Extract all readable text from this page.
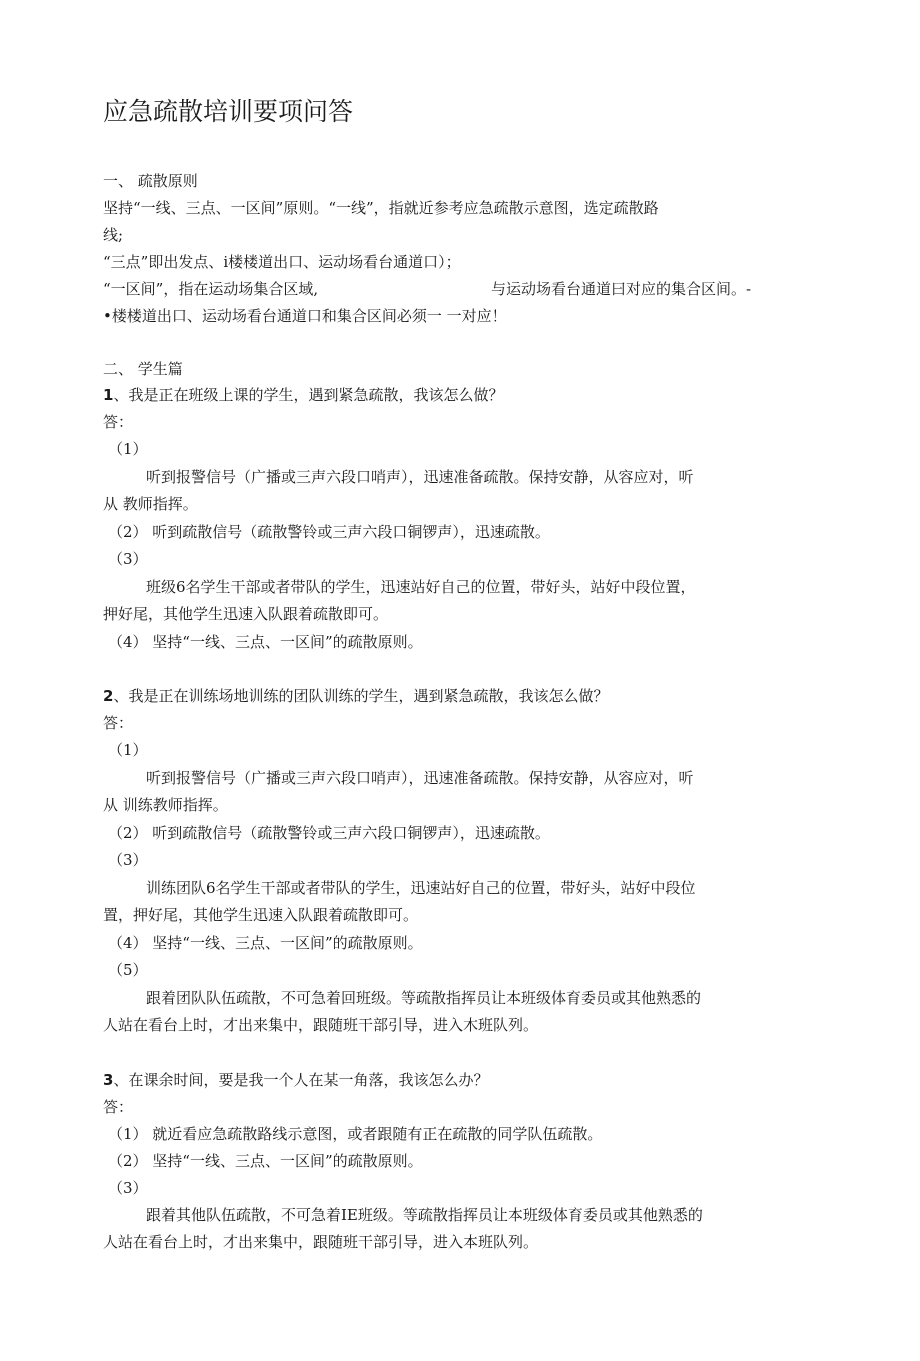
应急疏散培训要项问答
一、 疏散原则
坚持“一线、三点、一区间”原则。“一线”，指就近参考应急疏散示意图，选定疏散路
线;
“三点”即出发点、i楼楼道出口、运动场看台通道口）；
“一区间”，指在运动场集合区域,	与运动场看台通道曰对应的集合区间。-
•楼楼道出口、运动场看台通道口和集合区间必须一 一对应！
二、 学生篇
1、我是正在班级上课的学生，遇到紧急疏散，我该怎么做？
答：
（1）
听到报警信号（广播或三声六段口哨声），迅速准备疏散。保持安静，从容应对，听
从 教师指挥。
（2） 听到疏散信号（疏散警铃或三声六段口铜锣声），迅速疏散。
（3）
班级6名学生干部或者带队的学生，迅速站好自己的位置，带好头，站好中段位置，
押好尾，其他学生迅速入队跟着疏散即可。
（4） 坚持“一线、三点、一区间”的疏散原则。
2、我是正在训练场地训练的团队训练的学生，遇到紧急疏散，我该怎么做？
答：
（1）
听到报警信号（广播或三声六段口哨声），迅速准备疏散。保持安静，从容应对，听
从 训练教师指挥。
（2） 听到疏散信号（疏散警铃或三声六段口铜锣声），迅速疏散。
（3）
训练团队6名学生干部或者带队的学生，迅速站好自己的位置，带好头，站好中段位
置，押好尾，其他学生迅速入队跟着疏散即可。
（4） 坚持“一线、三点、一区间”的疏散原则。
（5）
跟着团队队伍疏散，不可急着回班级。等疏散指挥员让本班级体育委员或其他熟悉的
人站在看台上时，才出来集中，跟随班干部引导，进入木班队列。
3、在课余时间，要是我一个人在某一角落，我该怎么办？
答：
（1） 就近看应急疏散路线示意图，或者跟随有正在疏散的同学队伍疏散。
（2） 坚持“一线、三点、一区间”的疏散原则。
（3）
跟着其他队伍疏散，不可急着IE班级。等疏散指挥员让本班级体育委员或其他熟悉的
人站在看台上时，才出来集中，跟随班干部引导，进入本班队列。
